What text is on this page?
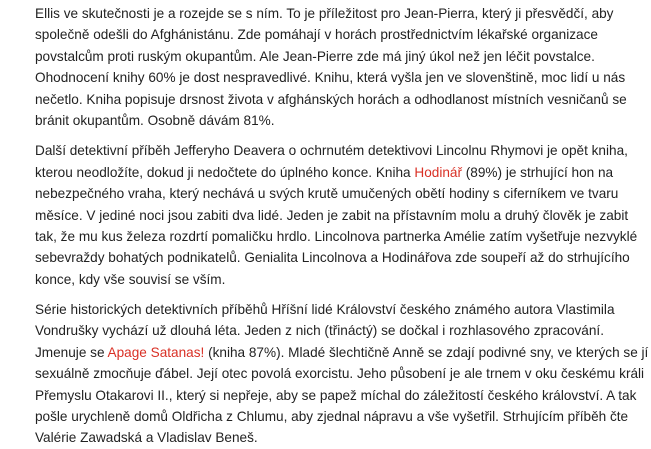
Ellis ve skutečnosti je a rozejde se s ním. To je příležitost pro Jean-Pierra, který ji přesvědčí, aby
společně odešli do Afghánistánu. Zde pomáhají v horách prostřednictvím lékařské organizace
povstalcům proti ruským okupantům. Ale Jean-Pierre zde má jiný úkol než jen léčit povstalce.
Ohodnocení knihy 60% je dost nespravedlivé. Knihu, která vyšla jen ve slovenštině, moc lidí u nás
nečetlo. Kniha popisuje drsnost života v afghánských horách a odhodlanost místních vesničanů se
bránit okupantům. Osobně dávám 81%.
Další detektivní příběh Jefferyho Deavera o ochrnutém detektivovi Lincolnu Rhymovi je opět kniha,
kterou neodložíte, dokud ji nedočtete do úplného konce. Kniha Hodinář (89%) je strhující hon na
nebezpečného vraha, který nechává u svých krutě umučených obětí hodiny s ciferníkem ve tvaru
měsíce. V jediné noci jsou zabiti dva lidé. Jeden je zabit na přístavním molu a druhý člověk je zabit
tak, že mu kus železa rozdrtí pomaličku hrdlo. Lincolnova partnerka Amélie zatím vyšetřuje nezvyklé
sebevraždy bohatých podnikatelů. Genialita Lincolnova a Hodinářova zde soupeří až do strhujícího
konce, kdy vše souvisí se vším.
Série historických detektivních příběhů Hříšní lidé Království českého známého autora Vlastimila
Vondrušky vychází už dlouhá léta. Jeden z nich (třináctý) se dočkal i rozhlasového zpracování.
Jmenuje se Apage Satanas! (kniha 87%). Mladé šlechtičně Anně se zdají podivné sny, ve kterých se jí
sexuálně zmocňuje ďábel. Její otec povolá exorcistu. Jeho působení je ale trnem v oku českému králi
Přemyslu Otakarovi II., který si nepřeje, aby se papež míchal do záležitostí českého království. A tak
pošle urychleně domů Oldřicha z Chlumu, aby zjednal nápravu a vše vyšetřil. Strhujícím příběh čte
Valérie Zawadská a Vladislav Beneš.
